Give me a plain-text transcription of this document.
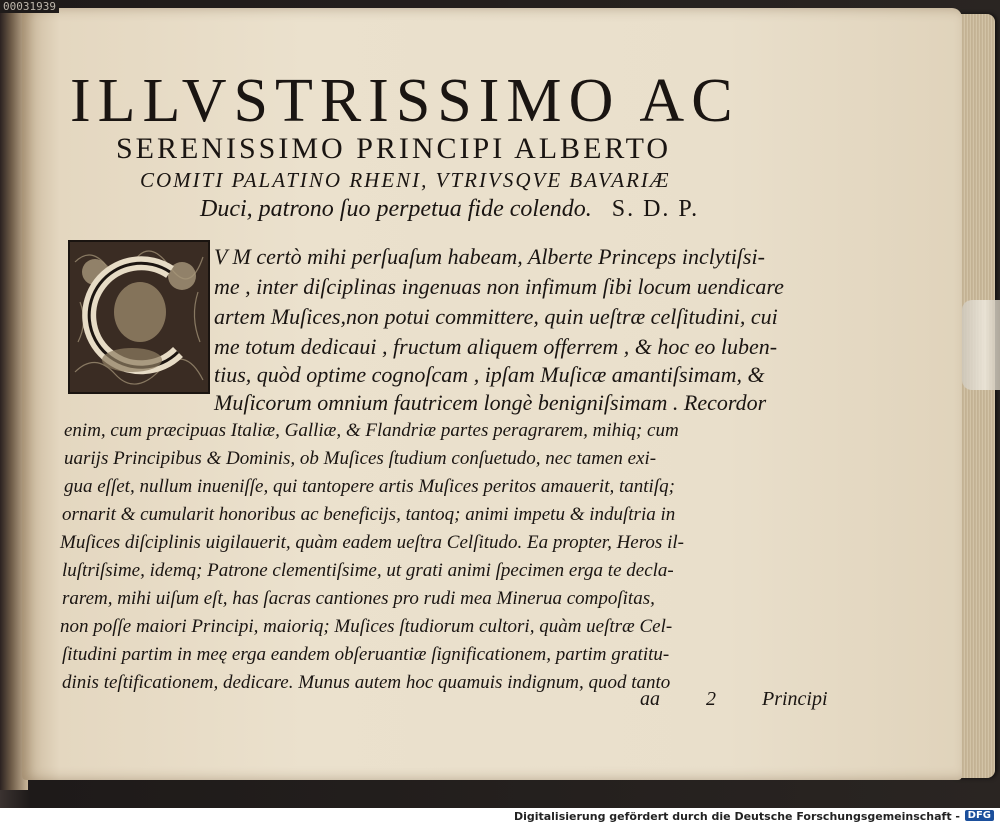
00031939
ILLVSTRISSIMO AC
SERENISSIMO PRINCIPI ALBERTO
COMITI PALATINO RHENI, VTRIVSQVE BAVARIÆ
Duci, patrono ſuo perpetua fide colendo. S. D. P.
V M certò mihi perſuaſum habeam, Alberte Princeps inclytiſsi-
me , inter diſciplinas ingenuas non infimum ſibi locum uendicare
artem Muſices,non potui committere, quin ueſtræ celſitudini, cui
me totum dedicaui , fructum aliquem offerrem , & hoc eo luben-
tius, quòd optime cognoſcam , ipſam Muſicæ amantiſsimam, &
Muſicorum omnium fautricem longè benigniſsimam . Recordor
enim, cum præcipuas Italiæ, Galliæ, & Flandriæ partes peragrarem, mihiq; cum
uarijs Principibus & Dominis, ob Muſices ſtudium conſuetudo, nec tamen exi-
gua eſſet, nullum inueniſſe, qui tantopere artis Muſices peritos amauerit, tantiſq;
ornarit & cumularit honoribus ac beneficijs, tantoq; animi impetu & induſtria in
Muſices diſciplinis uigilauerit, quàm eadem ueſtra Celſitudo. Ea propter, Heros il-
luſtriſsime, idemq; Patrone clementiſsime, ut grati animi ſpecimen erga te decla-
rarem, mihi uiſum eſt, has ſacras cantiones pro rudi mea Minerua compoſitas,
non poſſe maiori Principi, maioriq; Muſices ſtudiorum cultori, quàm ueſtræ Cel-
ſitudini partim in meę erga eandem obſeruantiæ ſignificationem, partim gratitu-
dinis teſtificationem, dedicare. Munus autem hoc quamuis indignum, quod tanto
aa 2 Principi
Digitalisierung gefördert durch die Deutsche Forschungsgemeinschaft - DFG
